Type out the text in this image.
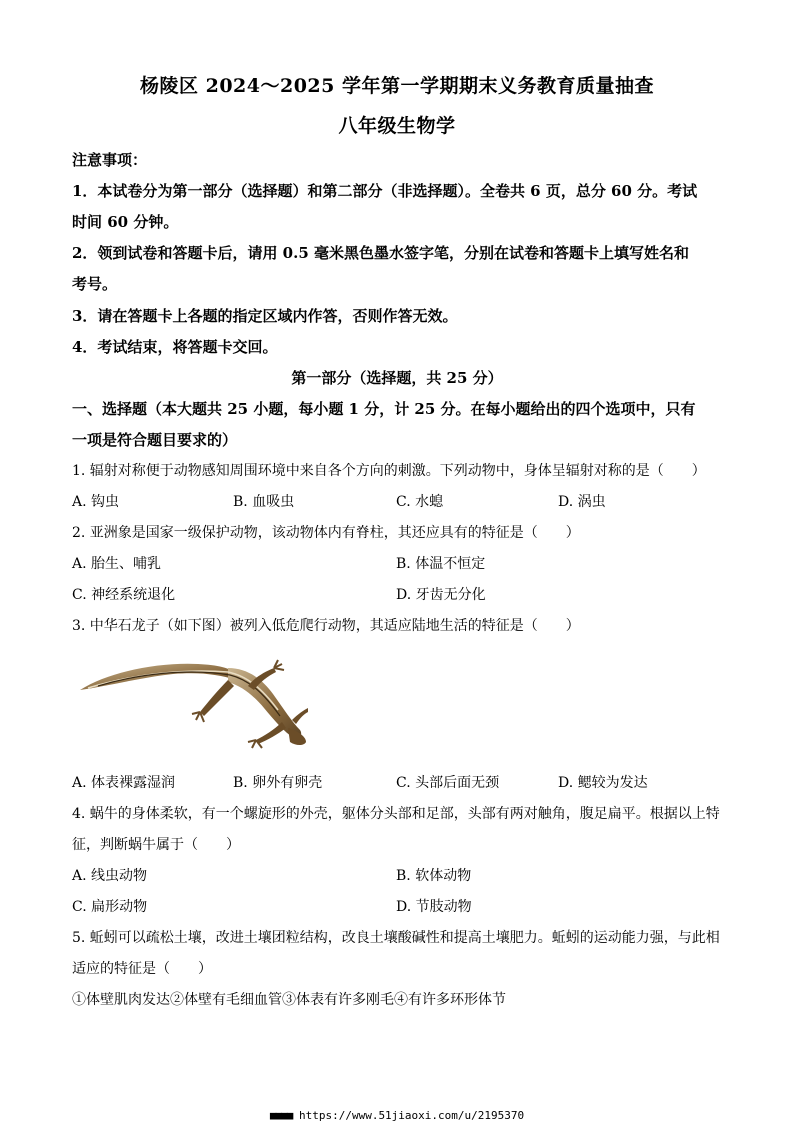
杨陵区 2024～2025 学年第一学期期末义务教育质量抽查
八年级生物学
注意事项：
1．本试卷分为第一部分（选择题）和第二部分（非选择题）。全卷共 6 页，总分 60 分。考试
时间 60 分钟。
2．领到试卷和答题卡后，请用 0.5 毫米黑色墨水签字笔，分别在试卷和答题卡上填写姓名和
考号。
3．请在答题卡上各题的指定区域内作答，否则作答无效。
4．考试结束，将答题卡交回。
第一部分（选择题，共 25 分）
一、选择题（本大题共 25 小题，每小题 1 分，计 25 分。在每小题给出的四个选项中，只有
一项是符合题目要求的）
1. 辐射对称便于动物感知周围环境中来自各个方向的刺激。下列动物中，身体呈辐射对称的是（　　）
A. 钩虫	B. 血吸虫	C. 水螅	D. 涡虫
2. 亚洲象是国家一级保护动物，该动物体内有脊柱，其还应具有的特征是（　　）
A. 胎生、哺乳	B. 体温不恒定
C. 神经系统退化	D. 牙齿无分化
3. 中华石龙子（如下图）被列入低危爬行动物，其适应陆地生活的特征是（　　）
A. 体表裸露湿润	B. 卵外有卵壳	C. 头部后面无颈	D. 鳃较为发达
4. 蜗牛的身体柔软，有一个螺旋形的外壳，躯体分头部和足部，头部有两对触角，腹足扁平。根据以上特
征，判断蜗牛属于（　　）
A. 线虫动物	B. 软体动物
C. 扁形动物	D. 节肢动物
5. 蚯蚓可以疏松土壤，改进土壤团粒结构，改良土壤酸碱性和提高土壤肥力。蚯蚓的运动能力强，与此相
适应的特征是（　　）
①体壁肌肉发达②体壁有毛细血管③体表有许多刚毛④有许多环形体节
■■■■ https://www.51jiaoxi.com/u/2195370
